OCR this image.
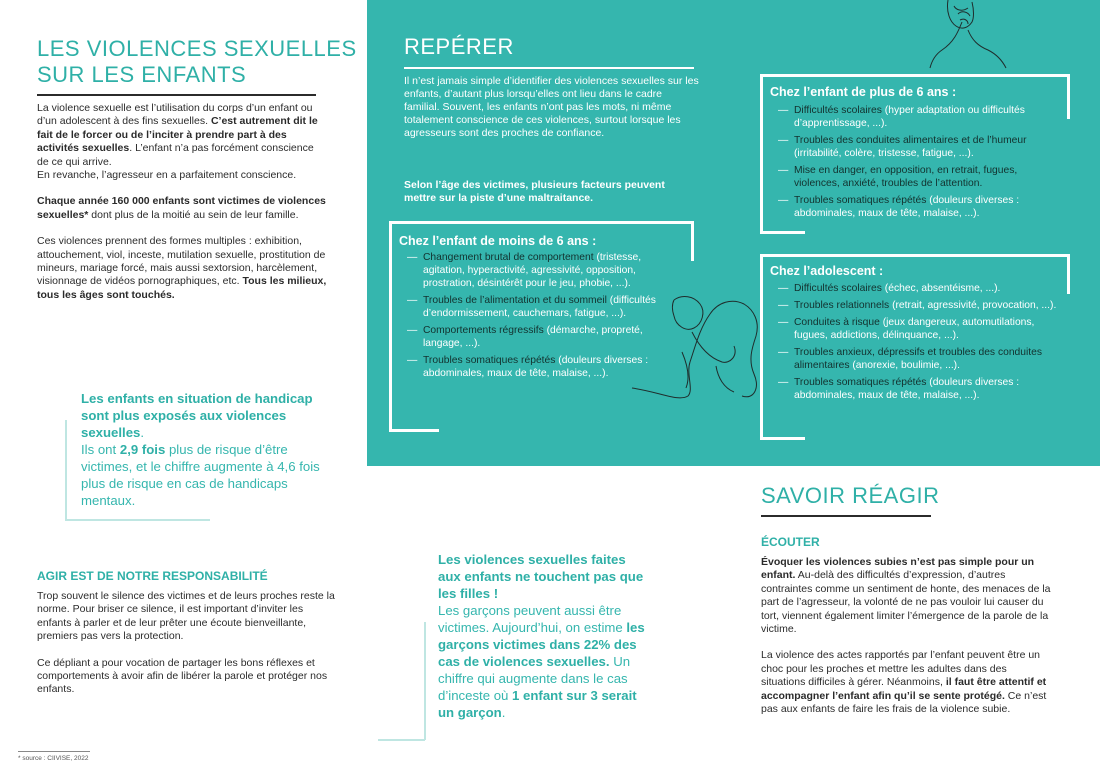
LES VIOLENCES SEXUELLES
SUR LES ENFANTS

La violence sexuelle est l’utilisation du corps d’un enfant ou d’un adolescent à des fins sexuelles. C’est autrement dit le fait de le forcer ou de l’inciter à prendre part à des activités sexuelles. L’enfant n’a pas forcément conscience de ce qui arrive.
En revanche, l’agresseur en a parfaitement conscience.

Chaque année 160 000 enfants sont victimes de violences sexuelles* dont plus de la moitié au sein de leur famille.

Ces violences prennent des formes multiples : exhibition, attouchement, viol, inceste, mutilation sexuelle, prostitution de mineurs, mariage forcé, mais aussi sextorsion, harcèlement, visionnage de vidéos pornographiques, etc. Tous les milieux, tous les âges sont touchés.

Les enfants en situation de handicap sont plus exposés aux violences sexuelles.
Ils ont 2,9 fois plus de risque d’être victimes, et le chiffre augmente à 4,6 fois plus de risque en cas de handicaps mentaux.
AGIR EST DE NOTRE RESPONSABILITÉ

Trop souvent le silence des victimes et de leurs proches reste la norme. Pour briser ce silence, il est important d’inviter les enfants à parler et de leur prêter une écoute bienveillante, premiers pas vers la protection.

Ce dépliant a pour vocation de partager les bons réflexes et comportements à avoir afin de libérer la parole et protéger nos enfants.

* source : CIIVISE, 2022
Les violences sexuelles faites aux enfants ne touchent pas que les filles !
Les garçons peuvent aussi être victimes. Aujourd’hui, on estime les garçons victimes dans 22% des cas de violences sexuelles. Un chiffre qui augmente dans le cas d’inceste où 1 enfant sur 3 serait un garçon.
REPÉRER
Il n’est jamais simple d’identifier des violences sexuelles sur les enfants, d’autant plus lorsqu’elles ont lieu dans le cadre familial. Souvent, les enfants n’ont pas les mots, ni même totalement conscience de ces violences, surtout lorsque les agresseurs sont des proches de confiance.
Selon l’âge des victimes, plusieurs facteurs peuvent mettre sur la piste d’une maltraitance.
Chez l’enfant de moins de 6 ans :
— Changement brutal de comportement (tristesse, agitation, hyperactivité, agressivité, opposition, prostration, désintérêt pour le jeu, phobie, ...).
— Troubles de l’alimentation et du sommeil (difficultés d’endormissement, cauchemars, fatigue, ...).
— Comportements régressifs (démarche, propreté, langage, ...).
— Troubles somatiques répétés (douleurs diverses : abdominales, maux de tête, malaise, ...).
Chez l’enfant de plus de 6 ans :
— Difficultés scolaires (hyper adaptation ou difficultés d’apprentissage, ...).
— Troubles des conduites alimentaires et de l’humeur (irritabilité, colère, tristesse, fatigue, ...).
— Mise en danger, en opposition, en retrait, fugues, violences, anxiété, troubles de l’attention.
— Troubles somatiques répétés (douleurs diverses : abdominales, maux de tête, malaise, ...).
Chez l’adolescent :
— Difficultés scolaires (échec, absentéisme, ...).
— Troubles relationnels (retrait, agressivité, provocation, ...).
— Conduites à risque (jeux dangereux, automutilations, fugues, addictions, délinquance, ...).
— Troubles anxieux, dépressifs et troubles des conduites alimentaires (anorexie, boulimie, ...).
— Troubles somatiques répétés (douleurs diverses : abdominales, maux de tête, malaise, ...).
SAVOIR RÉAGIR
ÉCOUTER

Évoquer les violences subies n’est pas simple pour un enfant. Au-delà des difficultés d’expression, d’autres contraintes comme un sentiment de honte, des menaces de la part de l’agresseur, la volonté de ne pas vouloir lui causer du tort, viennent également limiter l’émergence de la parole de la victime.

La violence des actes rapportés par l’enfant peuvent être un choc pour les proches et mettre les adultes dans des situations difficiles à gérer. Néanmoins, il faut être attentif et accompagner l’enfant afin qu’il se sente protégé. Ce n’est pas aux enfants de faire les frais de la violence subie.
